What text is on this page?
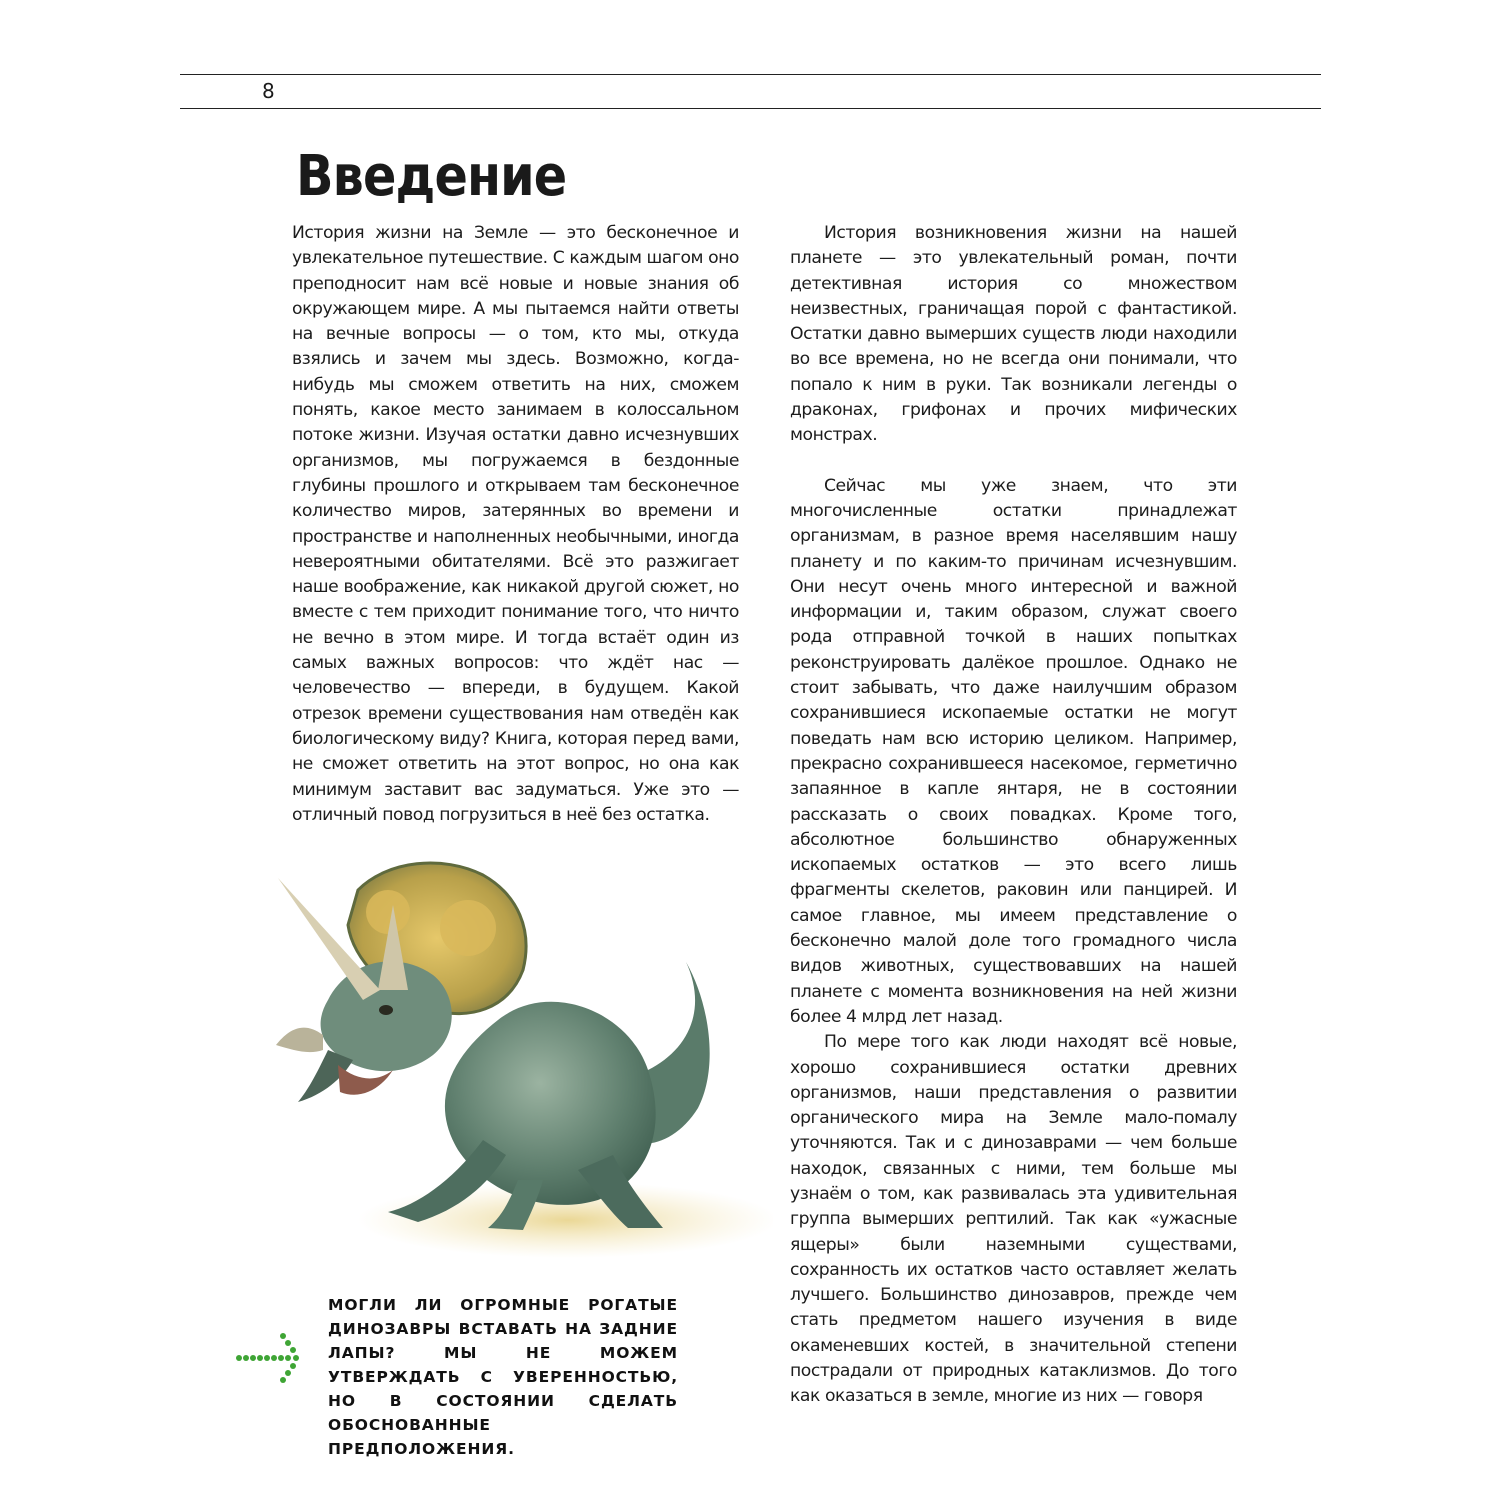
8
Введение

История жизни на Земле — это бесконечное и увлекательное путешествие. С каждым шагом оно преподносит нам всё новые и новые знания об окружающем мире. А мы пытаемся найти ответы на вечные вопросы — о том, кто мы, откуда взялись и зачем мы здесь. Возможно, когда-нибудь мы сможем ответить на них, сможем понять, какое место занимаем в колоссальном потоке жизни. Изучая остатки давно исчезнувших организмов, мы погружаемся в бездонные глубины прошлого и открываем там бесконечное количество миров, затерянных во времени и пространстве и наполненных необычными, иногда невероятными обитателями. Всё это разжигает наше воображение, как никакой другой сюжет, но вместе с тем приходит понимание того, что ничто не вечно в этом мире. И тогда встаёт один из самых важных вопросов: что ждёт нас — человечество — впереди, в будущем. Какой отрезок времени существования нам отведён как биологическому виду? Книга, которая перед вами, не сможет ответить на этот вопрос, но она как минимум заставит вас задуматься. Уже это — отличный повод погрузиться в неё без остатка.

История возникновения жизни на нашей планете — это увлекательный роман, почти детективная история со множеством неизвестных, граничащая порой с фантастикой. Остатки давно вымерших существ люди находили во все времена, но не всегда они понимали, что попало к ним в руки. Так возникали легенды о драконах, грифонах и прочих мифических монстрах.

Сейчас мы уже знаем, что эти многочисленные остатки принадлежат организмам, в разное время населявшим нашу планету и по каким-то причинам исчезнувшим. Они несут очень много интересной и важной информации и, таким образом, служат своего рода отправной точкой в наших попытках реконструировать далёкое прошлое. Однако не стоит забывать, что даже наилучшим образом сохранившиеся ископаемые остатки не могут поведать нам всю историю целиком. Например, прекрасно сохранившееся насекомое, герметично запаянное в капле янтаря, не в состоянии рассказать о своих повадках. Кроме того, абсолютное большинство обнаруженных ископаемых остатков — это всего лишь фрагменты скелетов, раковин или панцирей. И самое главное, мы имеем представление о бесконечно малой доле того громадного числа видов животных, существовавших на нашей планете с момента возникновения на ней жизни более 4 млрд лет назад.

По мере того как люди находят всё новые, хорошо сохранившиеся остатки древних организмов, наши представления о развитии органического мира на Земле мало-помалу уточняются. Так и с динозаврами — чем больше находок, связанных с ними, тем больше мы узнаём о том, как развивалась эта удивительная группа вымерших рептилий. Так как «ужасные ящеры» были наземными существами, сохранность их остатков часто оставляет желать лучшего. Большинство динозавров, прежде чем стать предметом нашего изучения в виде окаменевших костей, в значительной степени пострадали от природных катаклизмов. До того как оказаться в земле, многие из них — говоря

МОГЛИ ЛИ ОГРОМНЫЕ РОГАТЫЕ ДИНОЗАВРЫ ВСТАВАТЬ НА ЗАДНИЕ ЛАПЫ? МЫ НЕ МОЖЕМ УТВЕРЖДАТЬ С УВЕРЕННОСТЬЮ, НО В СОСТОЯНИИ СДЕЛАТЬ ОБОСНОВАННЫЕ ПРЕДПОЛОЖЕНИЯ.
